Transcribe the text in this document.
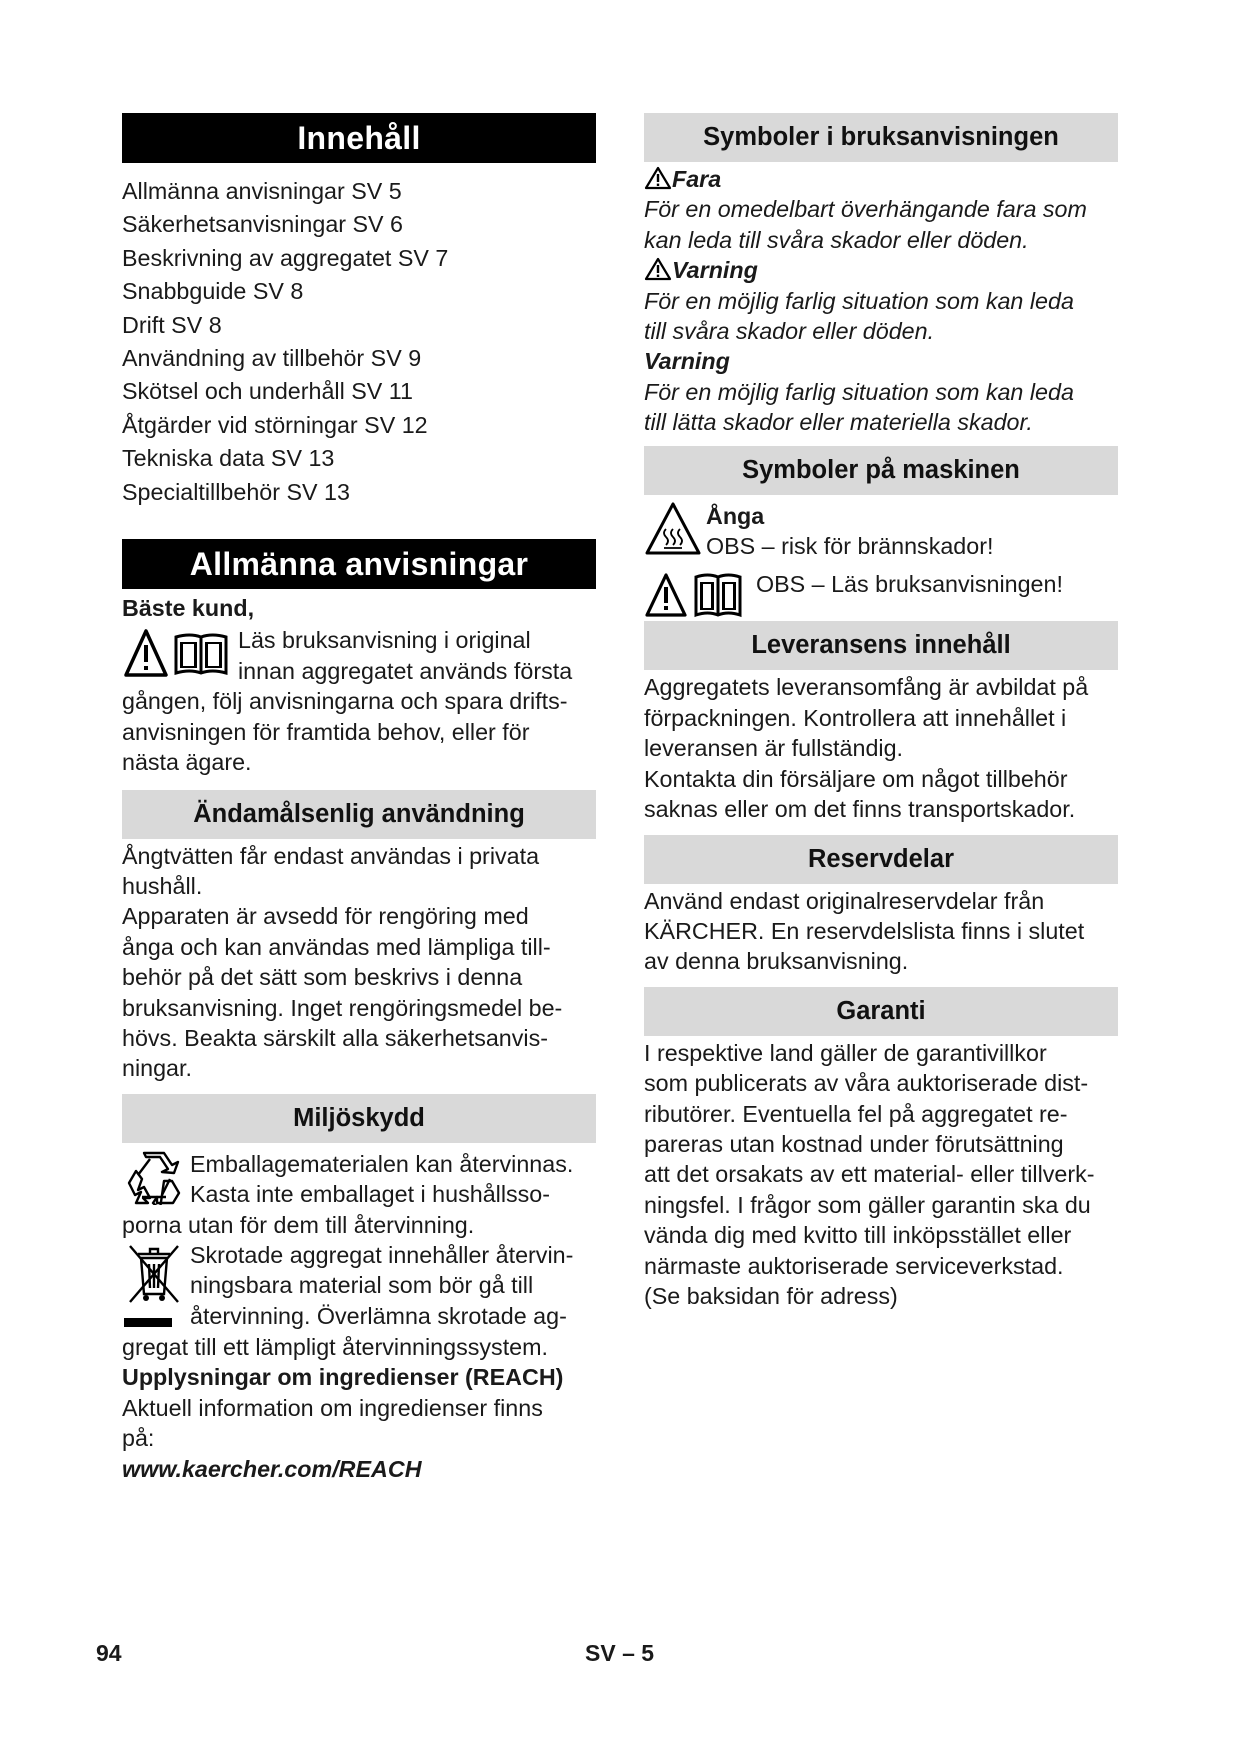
Innehåll
Allmänna anvisningar SV 5
Säkerhetsanvisningar SV 6
Beskrivning av aggregatet SV 7
Snabbguide SV 8
Drift SV 8
Användning av tillbehör SV 9
Skötsel och underhåll SV 11
Åtgärder vid störningar SV 12
Tekniska data SV 13
Specialtillbehör SV 13
Allmänna anvisningar

Bäste kund,

Läs bruksanvisning i original

innan aggregatet används första

gången, följ anvisningarna och spara drifts-

anvisningen för framtida behov, eller för

nästa ägare.

Ändamålsenlig användning

Ångtvätten får endast användas i privata

hushåll.

Apparaten är avsedd för rengöring med

ånga och kan användas med lämpliga till-

behör på det sätt som beskrivs i denna

bruksanvisning. Inget rengöringsmedel be-

hövs. Beakta särskilt alla säkerhetsanvis-

ningar.

Miljöskydd

Emballagematerialen kan återvinnas.

Kasta inte emballaget i hushållsso-

porna utan för dem till återvinning.

Skrotade aggregat innehåller återvin-

ningsbara material som bör gå till

återvinning. Överlämna skrotade ag-

gregat till ett lämpligt återvinningssystem.

Upplysningar om ingredienser (REACH)

Aktuell information om ingredienser finns

på:

www.kaercher.com/REACH

Symboler i bruksanvisningen

Fara

För en omedelbart överhängande fara som

kan leda till svåra skador eller döden.

Varning

För en möjlig farlig situation som kan leda

till svåra skador eller döden.

Varning

För en möjlig farlig situation som kan leda

till lätta skador eller materiella skador.

Symboler på maskinen

Ånga

OBS – risk för brännskador!

OBS – Läs bruksanvisningen!

Leveransens innehåll

Aggregatets leveransomfång är avbildat på

förpackningen. Kontrollera att innehållet i

leveransen är fullständig.

Kontakta din försäljare om något tillbehör

saknas eller om det finns transportskador.

Reservdelar

Använd endast originalreservdelar från

KÄRCHER. En reservdelslista finns i slutet

av denna bruksanvisning.

Garanti

I respektive land gäller de garantivillkor

som publicerats av våra auktoriserade dist-

ributörer. Eventuella fel på aggregatet re-

pareras utan kostnad under förutsättning

att det orsakats av ett material- eller tillverk-

ningsfel. I frågor som gäller garantin ska du

vända dig med kvitto till inköpsstället eller

närmaste auktoriserade serviceverkstad.

(Se baksidan för adress)

94	SV – 5
